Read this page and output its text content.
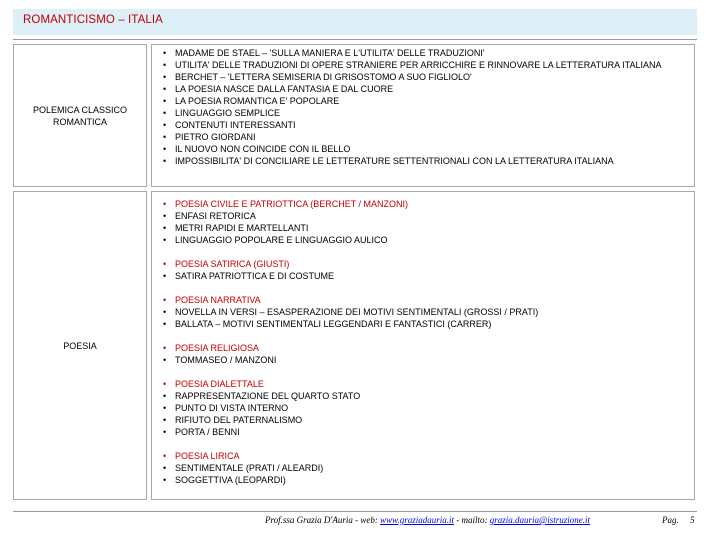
ROMANTICISMO – ITALIA
POLEMICA CLASSICO
ROMANTICA
• MADAME DE STAEL – 'SULLA MANIERA E L'UTILITA' DELLE TRADUZIONI'
• UTILITA' DELLE TRADUZIONI DI OPERE STRANIERE PER ARRICCHIRE E RINNOVARE LA LETTERATURA ITALIANA
• BERCHET – 'LETTERA SEMISERIA DI GRISOSTOMO A SUO FIGLIOLO'
• LA POESIA NASCE DALLA FANTASIA E DAL CUORE
• LA POESIA ROMANTICA E' POPOLARE
• LINGUAGGIO SEMPLICE
• CONTENUTI INTERESSANTI
• PIETRO GIORDANI
• IL NUOVO NON COINCIDE CON IL BELLO
• IMPOSSIBILITA' DI CONCILIARE LE LETTERATURE SETTENTRIONALI CON LA LETTERATURA ITALIANA
POESIA
• POESIA CIVILE E PATRIOTTICA (BERCHET / MANZONI)
• ENFASI RETORICA
• METRI RAPIDI E MARTELLANTI
• LINGUAGGIO POPOLARE E LINGUAGGIO AULICO
• POESIA SATIRICA (GIUSTI)
• SATIRA PATRIOTTICA E DI COSTUME
• POESIA NARRATIVA
• NOVELLA IN VERSI – ESASPERAZIONE DEI MOTIVI SENTIMENTALI (GROSSI / PRATI)
• BALLATA – MOTIVI SENTIMENTALI LEGGENDARI E FANTASTICI (CARRER)
• POESIA RELIGIOSA
• TOMMASEO / MANZONI
• POESIA DIALETTALE
• RAPPRESENTAZIONE DEL QUARTO STATO
• PUNTO DI VISTA INTERNO
• RIFIUTO DEL PATERNALISMO
• PORTA / BENNI
• POESIA LIRICA
• SENTIMENTALE (PRATI / ALEARDI)
• SOGGETTIVA (LEOPARDI)
Prof.ssa Grazia D'Auria - web: www.graziadauria.it - mailto: grazia.dauria@istruzione.it	Pag. 5
